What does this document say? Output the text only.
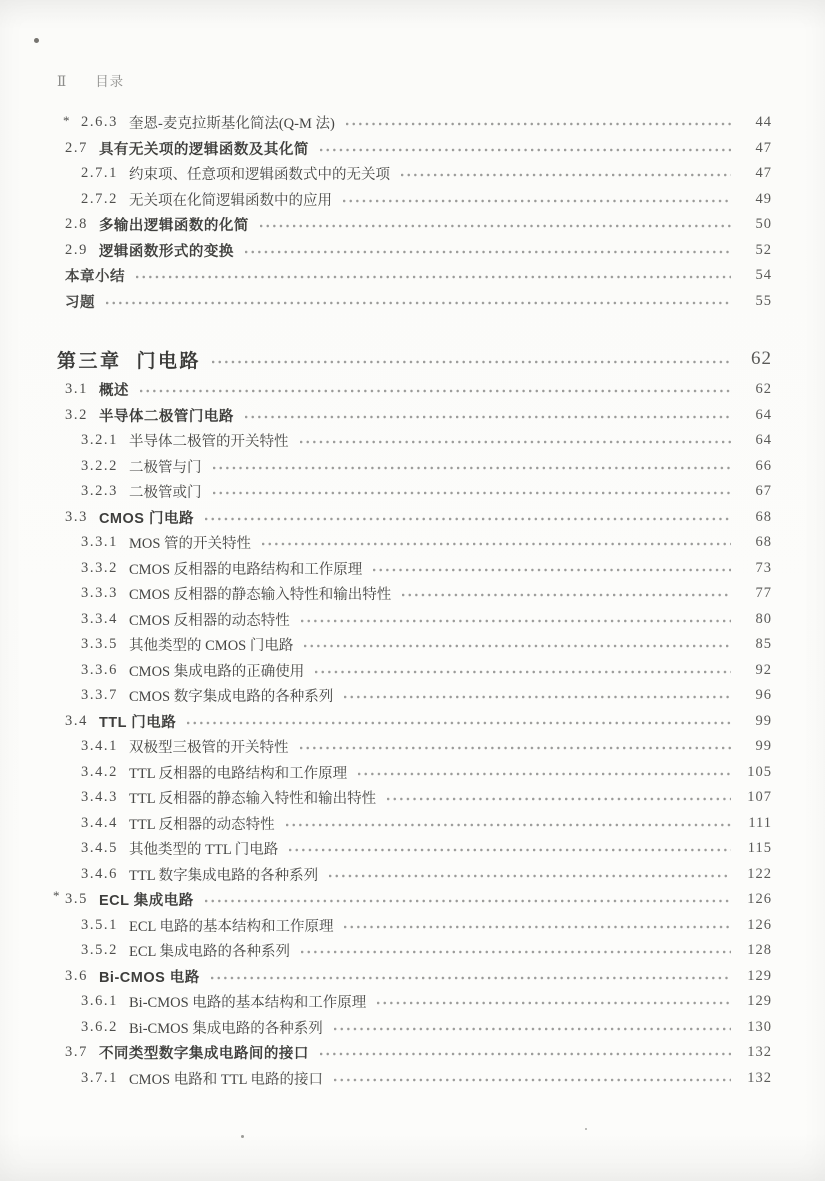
Ⅱ 目录
* 2.6.3 奎恩-麦克拉斯基化简法(Q-M 法)	44
2.7 具有无关项的逻辑函数及其化简	47
2.7.1 约束项、任意项和逻辑函数式中的无关项	47
2.7.2 无关项在化简逻辑函数中的应用	49
2.8 多输出逻辑函数的化简	50
2.9 逻辑函数形式的变换	52
本章小结	54
习题	55
第三章 门电路	62
3.1 概述	62
3.2 半导体二极管门电路	64
3.2.1 半导体二极管的开关特性	64
3.2.2 二极管与门	66
3.2.3 二极管或门	67
3.3 CMOS 门电路	68
3.3.1 MOS 管的开关特性	68
3.3.2 CMOS 反相器的电路结构和工作原理	73
3.3.3 CMOS 反相器的静态输入特性和输出特性	77
3.3.4 CMOS 反相器的动态特性	80
3.3.5 其他类型的 CMOS 门电路	85
3.3.6 CMOS 集成电路的正确使用	92
3.3.7 CMOS 数字集成电路的各种系列	96
3.4 TTL 门电路	99
3.4.1 双极型三极管的开关特性	99
3.4.2 TTL 反相器的电路结构和工作原理	105
3.4.3 TTL 反相器的静态输入特性和输出特性	107
3.4.4 TTL 反相器的动态特性	111
3.4.5 其他类型的 TTL 门电路	115
3.4.6 TTL 数字集成电路的各种系列	122
* 3.5 ECL 集成电路	126
3.5.1 ECL 电路的基本结构和工作原理	126
3.5.2 ECL 集成电路的各种系列	128
3.6 Bi-CMOS 电路	129
3.6.1 Bi-CMOS 电路的基本结构和工作原理	129
3.6.2 Bi-CMOS 集成电路的各种系列	130
3.7 不同类型数字集成电路间的接口	132
3.7.1 CMOS 电路和 TTL 电路的接口	132
